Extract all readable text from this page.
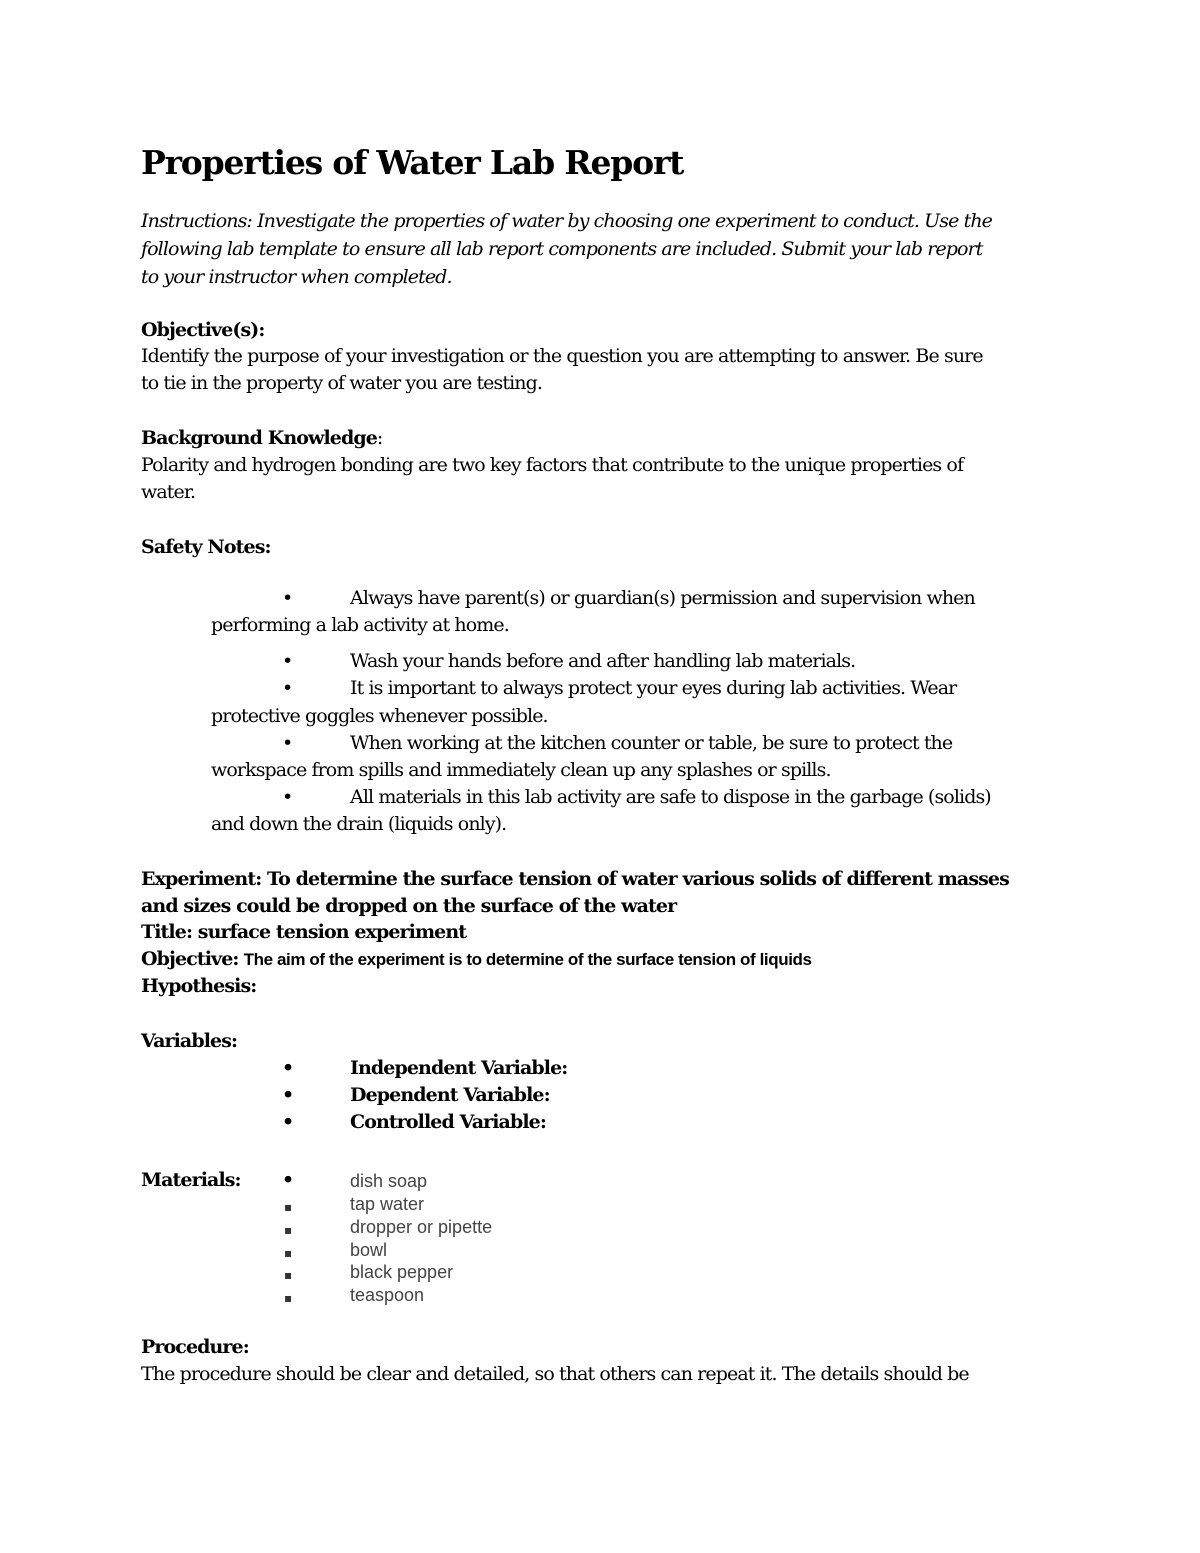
Properties of Water Lab Report
Instructions: Investigate the properties of water by choosing one experiment to conduct. Use the
following lab template to ensure all lab report components are included. Submit your lab report
to your instructor when completed.
Objective(s):
Identify the purpose of your investigation or the question you are attempting to answer. Be sure
to tie in the property of water you are testing.
Background Knowledge:
Polarity and hydrogen bonding are two key factors that contribute to the unique properties of
water.
Safety Notes:
•	Always have parent(s) or guardian(s) permission and supervision when
performing a lab activity at home.
•	Wash your hands before and after handling lab materials.
•	It is important to always protect your eyes during lab activities. Wear
protective goggles whenever possible.
•	When working at the kitchen counter or table, be sure to protect the
workspace from spills and immediately clean up any splashes or spills.
•	All materials in this lab activity are safe to dispose in the garbage (solids)
and down the drain (liquids only).
Experiment: To determine the surface tension of water various solids of different masses
and sizes could be dropped on the surface of the water
Title: surface tension experiment
Objective: The aim of the experiment is to determine of the surface tension of liquids
Hypothesis:
Variables:
•	Independent Variable:
•	Dependent Variable:
•	Controlled Variable:
Materials: •	dish soap
▪	tap water
▪	dropper or pipette
▪	bowl
▪	black pepper
▪	teaspoon
Procedure:
The procedure should be clear and detailed, so that others can repeat it. The details should be
